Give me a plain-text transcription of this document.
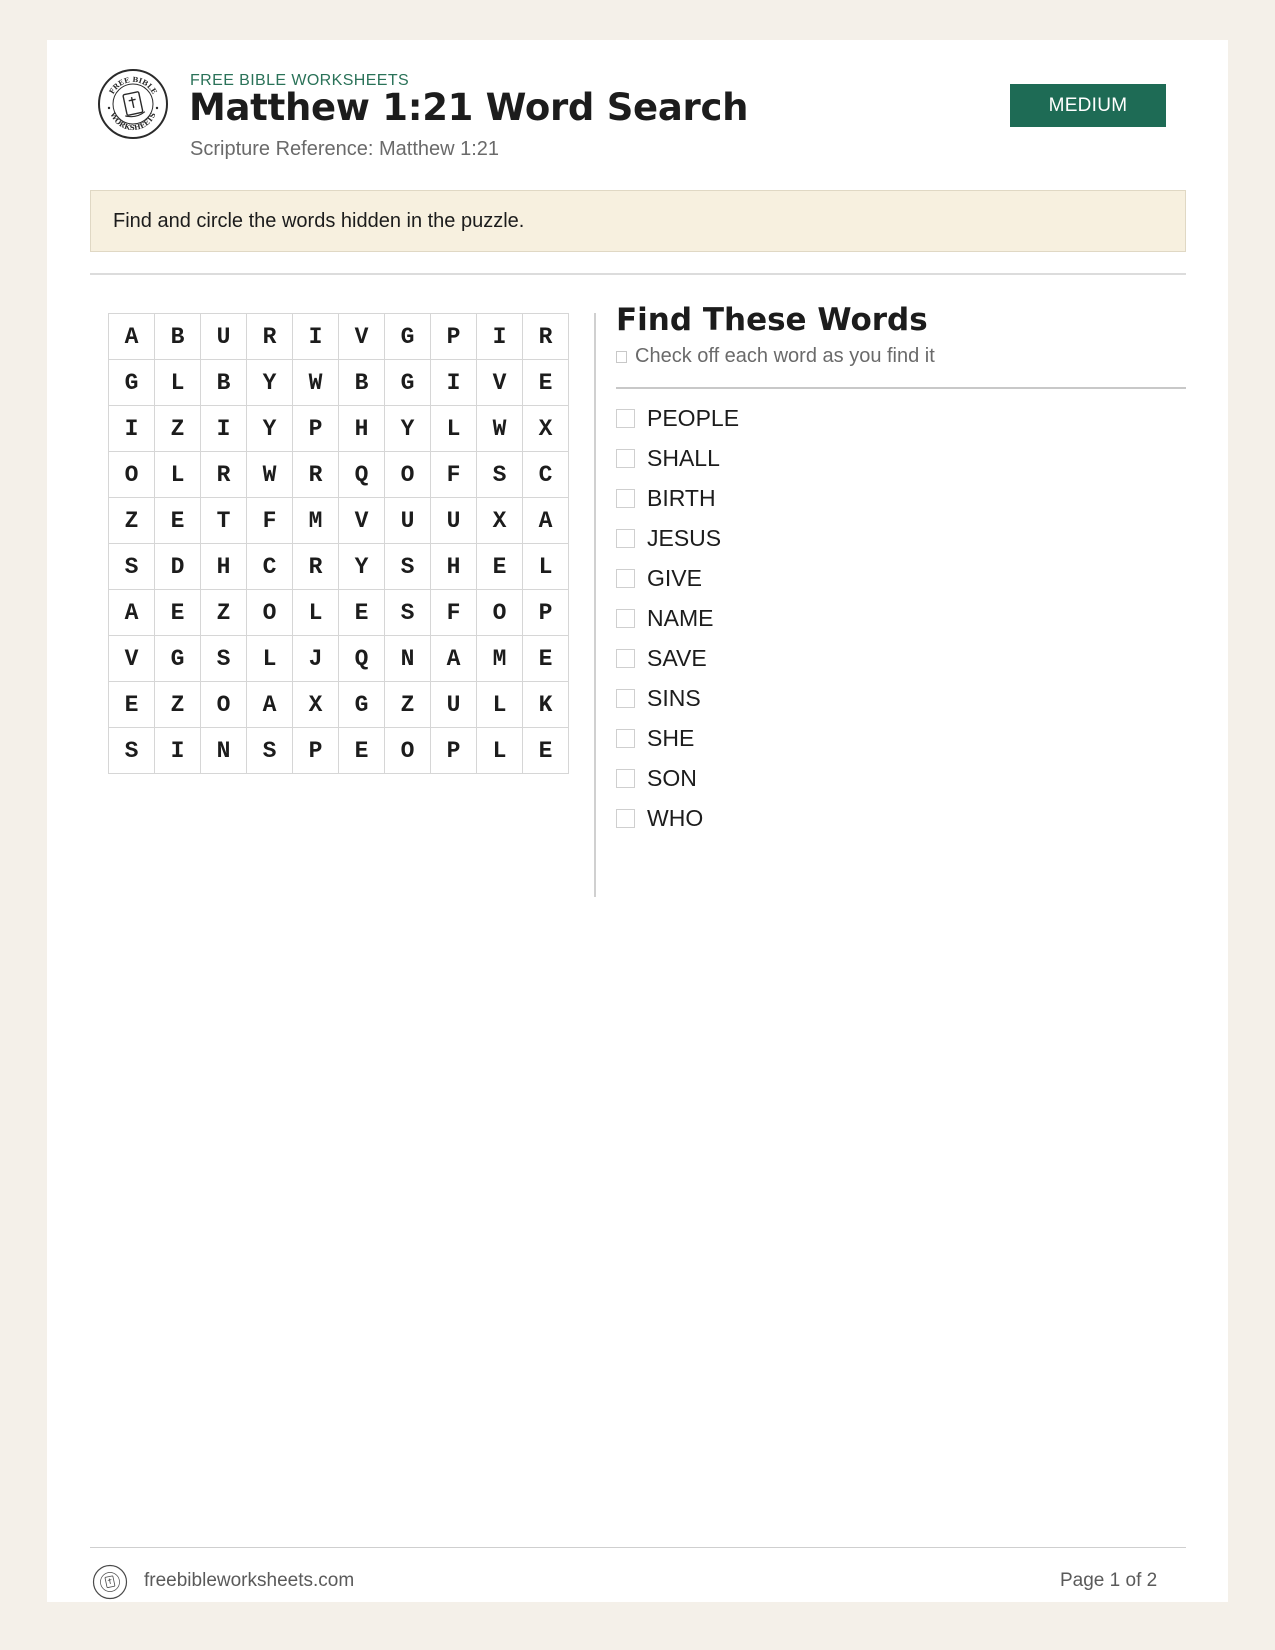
FREE BIBLE
WORKSHEETS
FREE BIBLE WORKSHEETS
Matthew 1:21 Word Search
Scripture Reference: Matthew 1:21
MEDIUM
Find and circle the words hidden in the puzzle.
A	B	U	R	I	V	G	P	I	R
G	L	B	Y	W	B	G	I	V	E
I	Z	I	Y	P	H	Y	L	W	X
O	L	R	W	R	Q	O	F	S	C
Z	E	T	F	M	V	U	U	X	A
S	D	H	C	R	Y	S	H	E	L
A	E	Z	O	L	E	S	F	O	P
V	G	S	L	J	Q	N	A	M	E
E	Z	O	A	X	G	Z	U	L	K
S	I	N	S	P	E	O	P	L	E
Find These Words
Check off each word as you find it
PEOPLE
SHALL
BIRTH
JESUS
GIVE
NAME
SAVE
SINS
SHE
SON
WHO
freebibleworksheets.com	Page 1 of 2
